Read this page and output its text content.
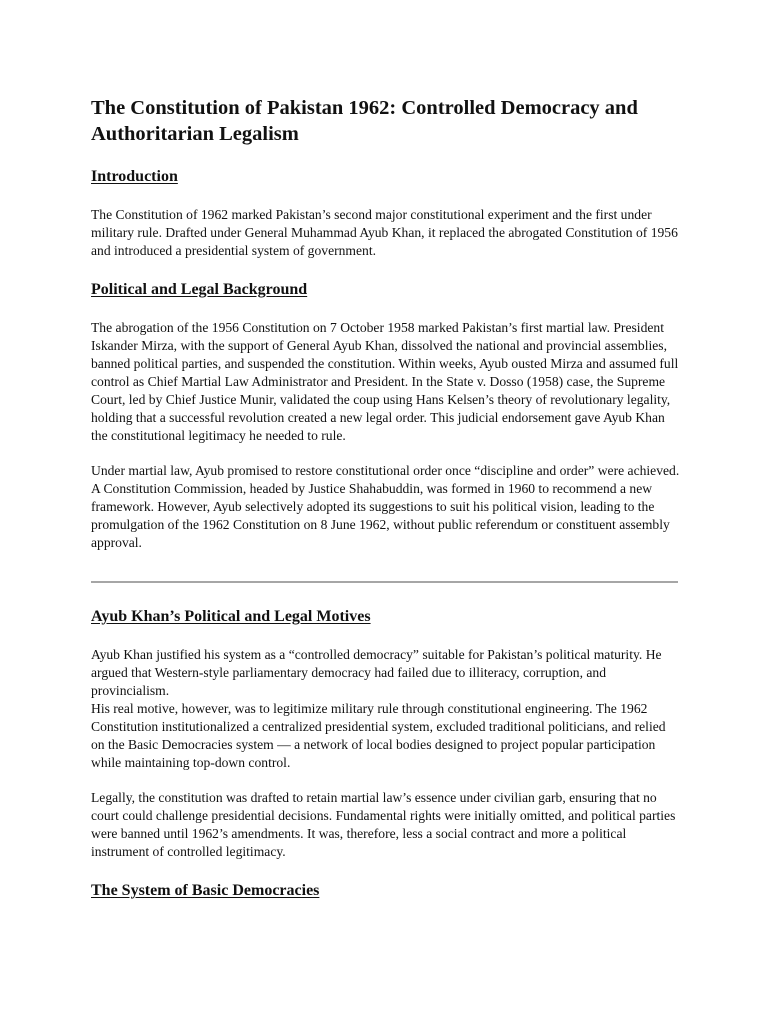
The Constitution of Pakistan 1962: Controlled Democracy and Authoritarian Legalism
Introduction

The Constitution of 1962 marked Pakistan’s second major constitutional experiment and the first under military rule. Drafted under General Muhammad Ayub Khan, it replaced the abrogated Constitution of 1956 and introduced a presidential system of government.

Political and Legal Background

The abrogation of the 1956 Constitution on 7 October 1958 marked Pakistan’s first martial law. President Iskander Mirza, with the support of General Ayub Khan, dissolved the national and provincial assemblies, banned political parties, and suspended the constitution. Within weeks, Ayub ousted Mirza and assumed full control as Chief Martial Law Administrator and President. In the State v. Dosso (1958) case, the Supreme Court, led by Chief Justice Munir, validated the coup using Hans Kelsen’s theory of revolutionary legality, holding that a successful revolution created a new legal order. This judicial endorsement gave Ayub Khan the constitutional legitimacy he needed to rule.

Under martial law, Ayub promised to restore constitutional order once “discipline and order” were achieved. A Constitution Commission, headed by Justice Shahabuddin, was formed in 1960 to recommend a new framework. However, Ayub selectively adopted its suggestions to suit his political vision, leading to the promulgation of the 1962 Constitution on 8 June 1962, without public referendum or constituent assembly approval.

Ayub Khan’s Political and Legal Motives

Ayub Khan justified his system as a “controlled democracy” suitable for Pakistan’s political maturity. He argued that Western-style parliamentary democracy had failed due to illiteracy, corruption, and provincialism.

His real motive, however, was to legitimize military rule through constitutional engineering. The 1962 Constitution institutionalized a centralized presidential system, excluded traditional politicians, and relied on the Basic Democracies system — a network of local bodies designed to project popular participation while maintaining top-down control.

Legally, the constitution was drafted to retain martial law’s essence under civilian garb, ensuring that no court could challenge presidential decisions. Fundamental rights were initially omitted, and political parties were banned until 1962’s amendments. It was, therefore, less a social contract and more a political instrument of controlled legitimacy.

The System of Basic Democracies
